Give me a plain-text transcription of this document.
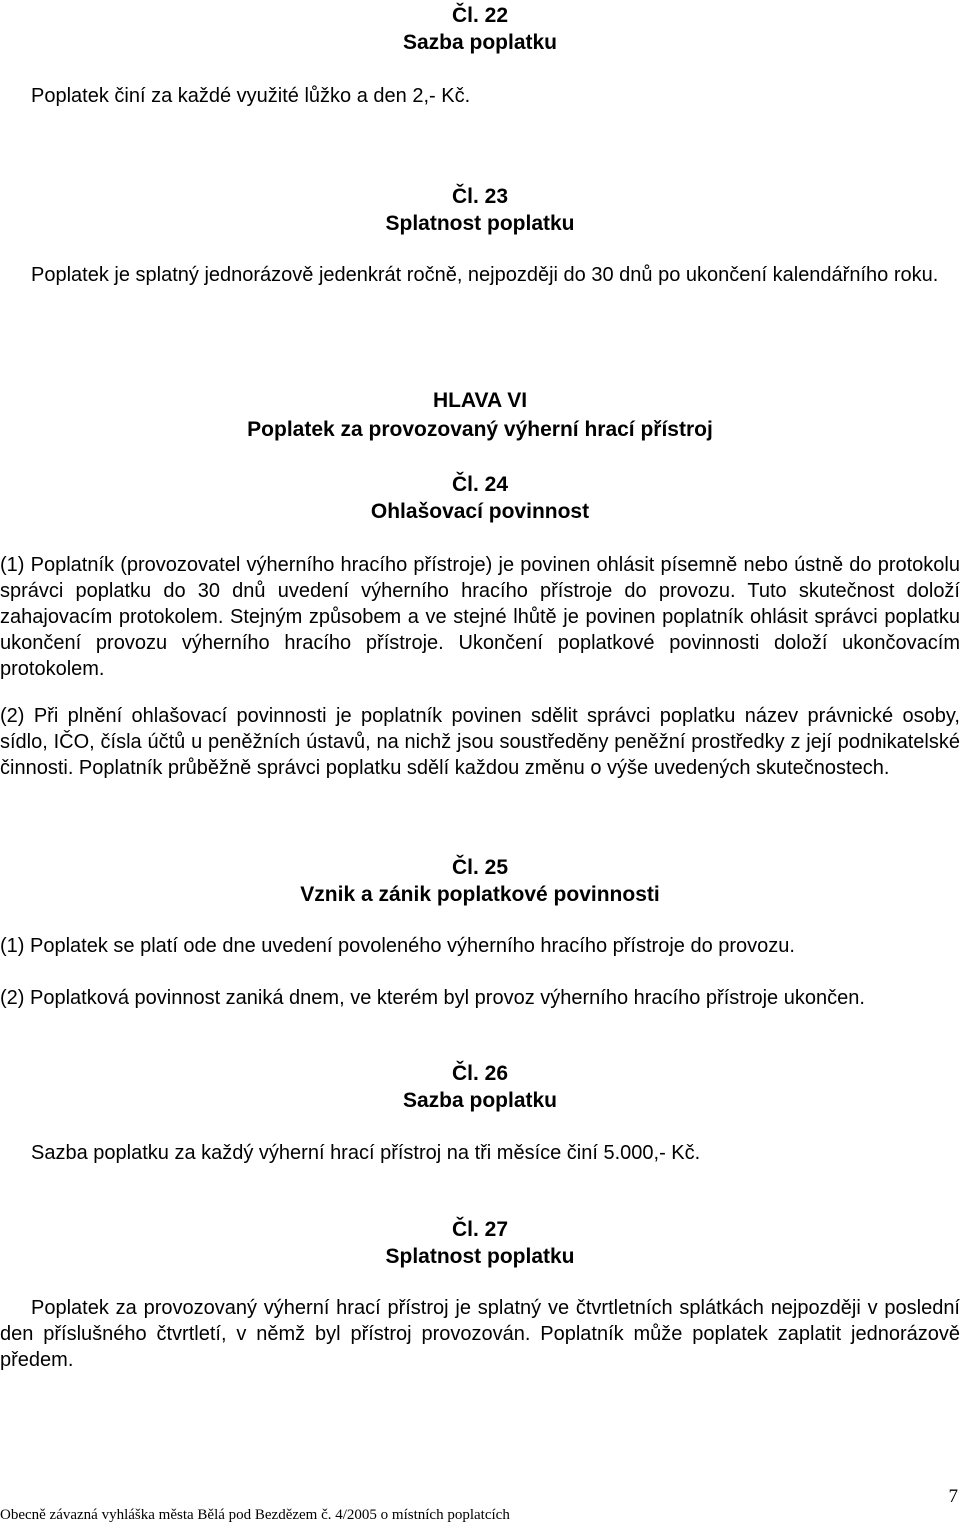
Čl. 22
Sazba poplatku

Poplatek činí za každé využité lůžko a den 2,- Kč.

Čl. 23
Splatnost poplatku

Poplatek je splatný jednorázově jedenkrát ročně, nejpozději do 30 dnů po ukončení kalendářního roku.

HLAVA VI
Poplatek za provozovaný výherní hrací přístroj
Čl. 24
Ohlašovací povinnost

(1) Poplatník (provozovatel výherního hracího přístroje) je povinen ohlásit písemně nebo ústně do protokolu správci poplatku do 30 dnů uvedení výherního hracího přístroje do provozu. Tuto skutečnost doloží zahajovacím protokolem. Stejným způsobem a ve stejné lhůtě je povinen poplatník ohlásit správci poplatku ukončení provozu výherního hracího přístroje. Ukončení poplatkové povinnosti doloží ukončovacím protokolem.

(2) Při plnění ohlašovací povinnosti je poplatník povinen sdělit správci poplatku název právnické osoby, sídlo, IČO, čísla účtů u peněžních ústavů, na nichž jsou soustředěny peněžní prostředky z její podnikatelské činnosti. Poplatník průběžně správci poplatku sdělí každou změnu o výše uvedených skutečnostech.

Čl. 25
Vznik a zánik poplatkové povinnosti

(1) Poplatek se platí ode dne uvedení povoleného výherního hracího přístroje do provozu.

(2) Poplatková povinnost zaniká dnem, ve kterém byl provoz výherního hracího přístroje ukončen.

Čl. 26
Sazba poplatku

Sazba poplatku za každý výherní hrací přístroj na tři měsíce činí 5.000,- Kč.

Čl. 27
Splatnost poplatku

Poplatek za provozovaný výherní hrací přístroj je splatný ve čtvrtletních splátkách nejpozději v poslední den příslušného čtvrtletí, v němž byl přístroj provozován. Poplatník může poplatek zaplatit jednorázově předem.

7
Obecně závazná vyhláška města Bělá pod Bezdězem č. 4/2005 o místních poplatcích
